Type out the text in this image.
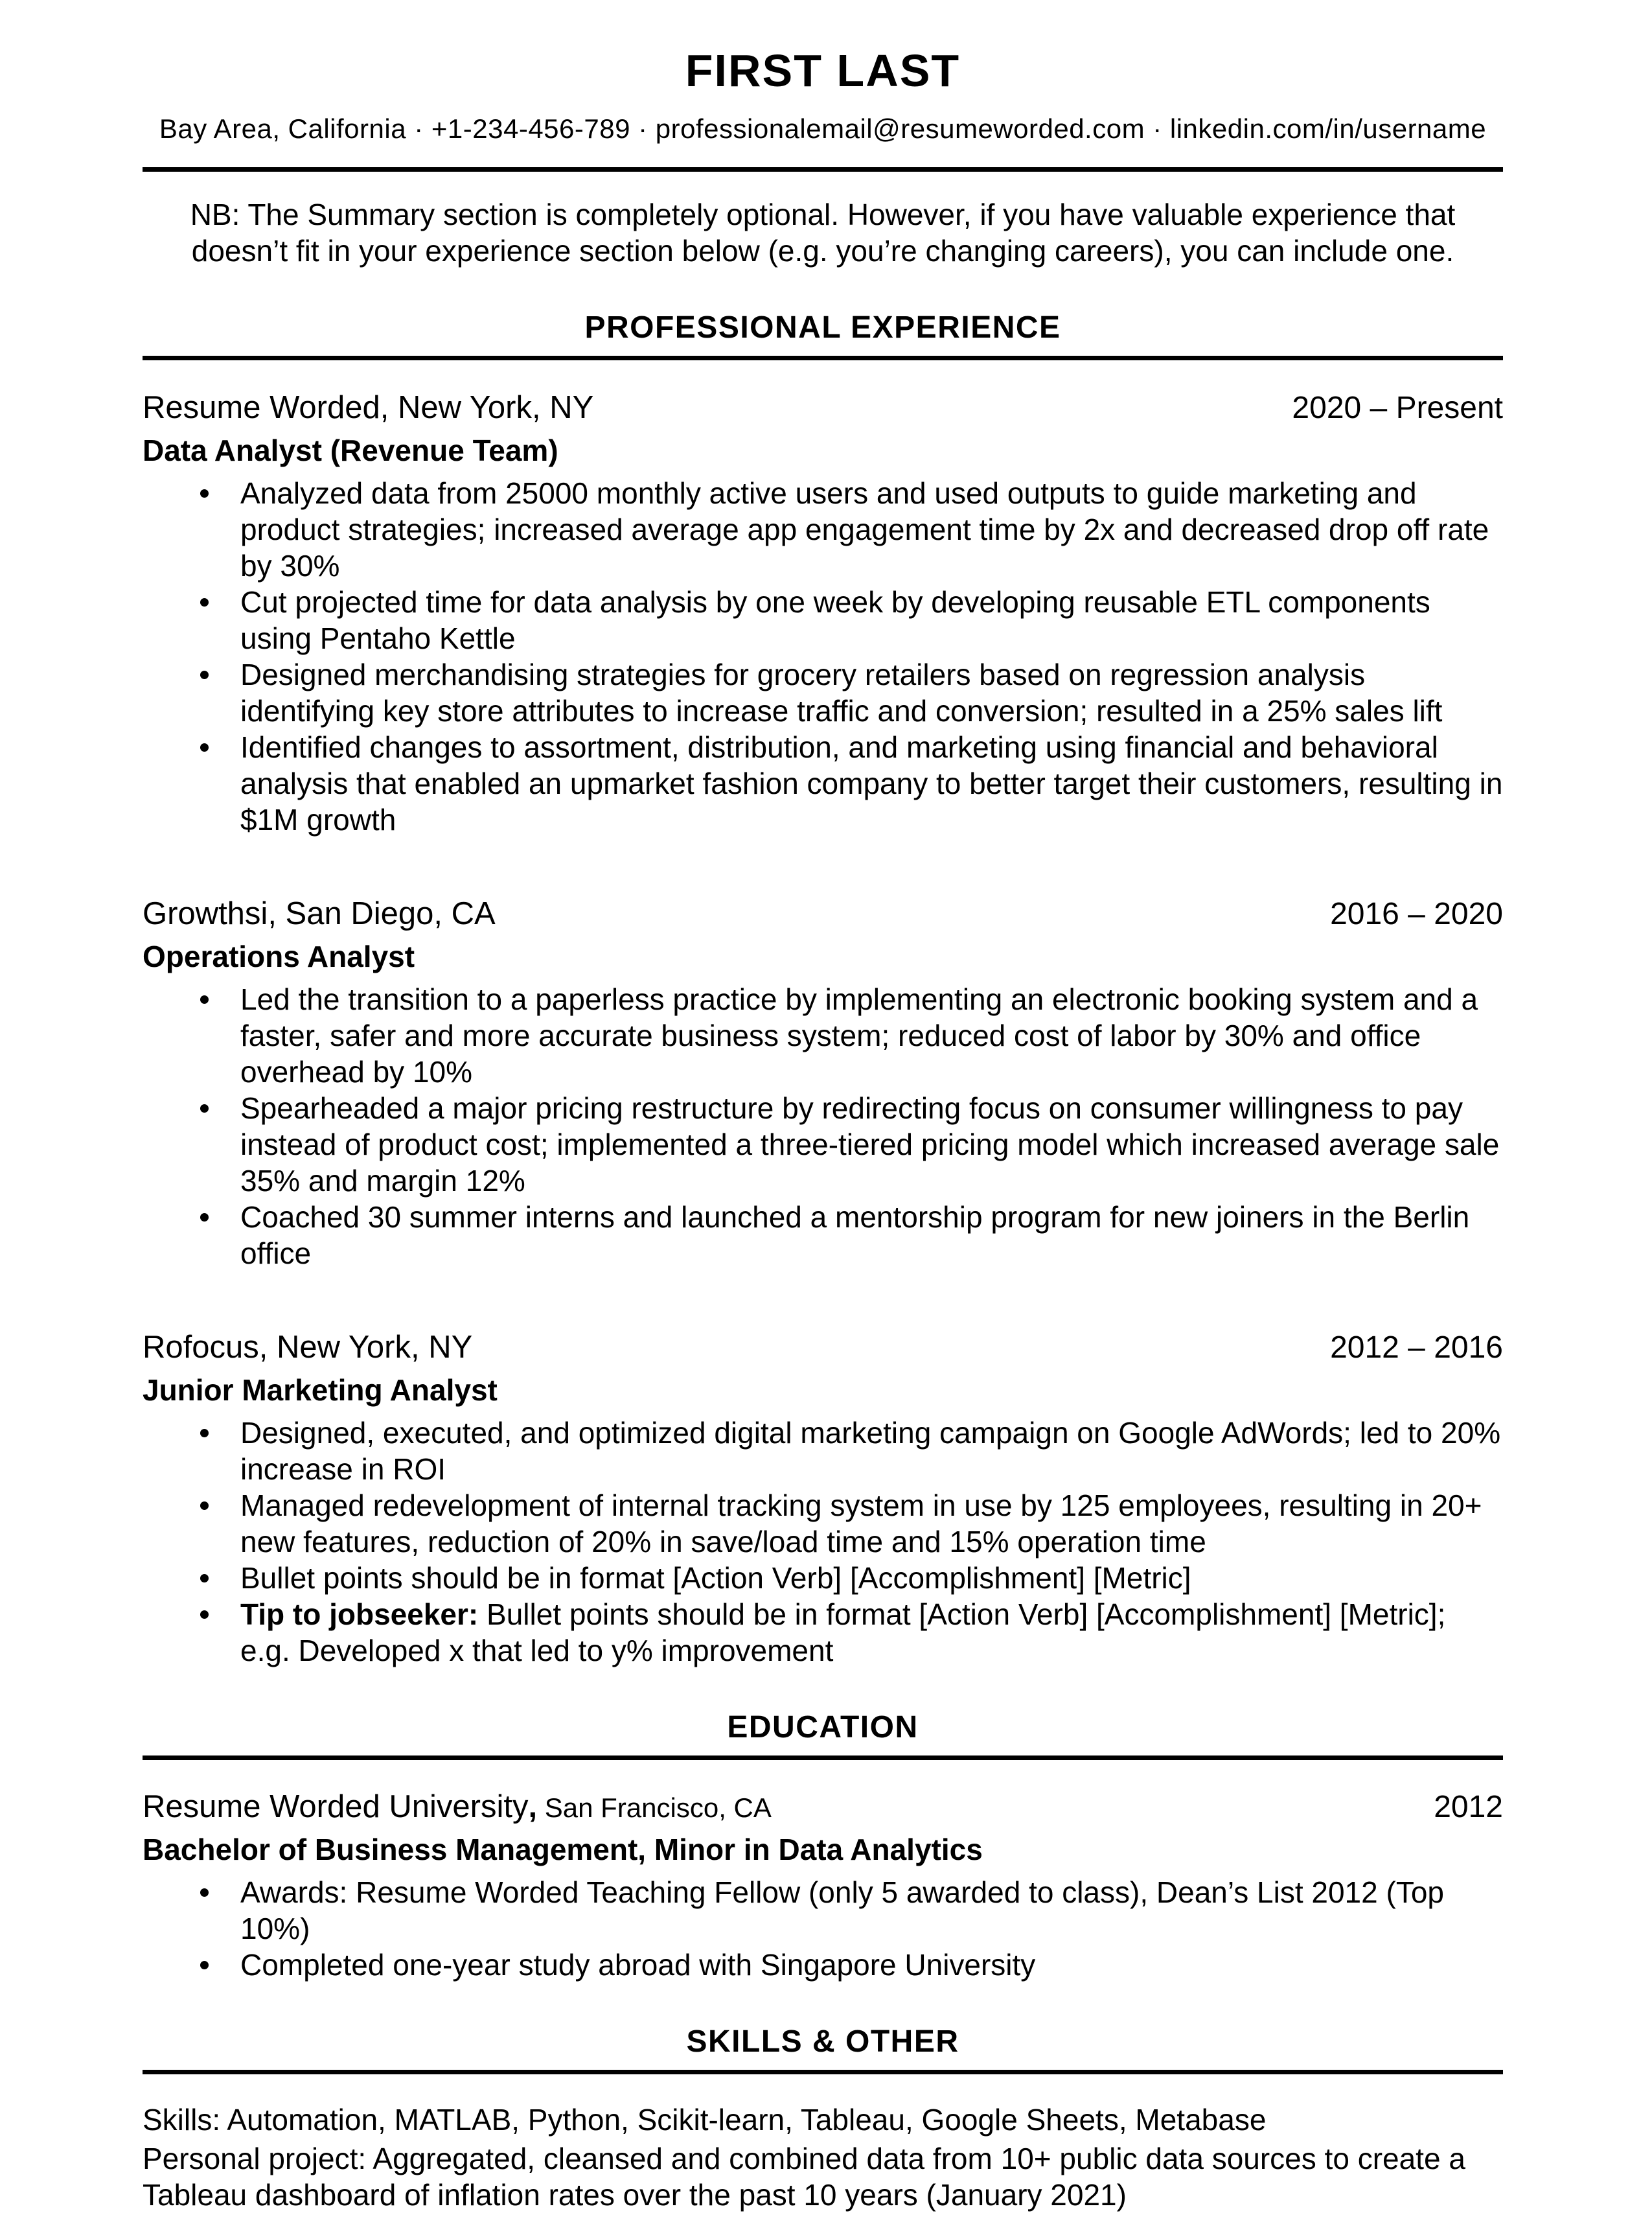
FIRST LAST
Bay Area, California · +1-234-456-789 · professionalemail@resumeworded.com · linkedin.com/in/username

NB: The Summary section is completely optional. However, if you have valuable experience that doesn’t fit in your experience section below (e.g. you’re changing careers), you can include one.

PROFESSIONAL EXPERIENCE
Resume Worded, New York, NY	2020 – Present
Data Analyst (Revenue Team)
Analyzed data from 25000 monthly active users and used outputs to guide marketing and product strategies; increased average app engagement time by 2x and decreased drop off rate by 30%
Cut projected time for data analysis by one week by developing reusable ETL components using Pentaho Kettle
Designed merchandising strategies for grocery retailers based on regression analysis identifying key store attributes to increase traffic and conversion; resulted in a 25% sales lift
Identified changes to assortment, distribution, and marketing using financial and behavioral analysis that enabled an upmarket fashion company to better target their customers, resulting in $1M growth
Growthsi, San Diego, CA	2016 – 2020
Operations Analyst
Led the transition to a paperless practice by implementing an electronic booking system and a faster, safer and more accurate business system; reduced cost of labor by 30% and office overhead by 10%
Spearheaded a major pricing restructure by redirecting focus on consumer willingness to pay instead of product cost; implemented a three-tiered pricing model which increased average sale 35% and margin 12%
Coached 30 summer interns and launched a mentorship program for new joiners in the Berlin office
Rofocus, New York, NY	2012 – 2016
Junior Marketing Analyst
Designed, executed, and optimized digital marketing campaign on Google AdWords; led to 20% increase in ROI
Managed redevelopment of internal tracking system in use by 125 employees, resulting in 20+ new features, reduction of 20% in save/load time and 15% operation time
Bullet points should be in format [Action Verb] [Accomplishment] [Metric]
Tip to jobseeker: Bullet points should be in format [Action Verb] [Accomplishment] [Metric]; e.g. Developed x that led to y% improvement
EDUCATION
Resume Worded University, San Francisco, CA	2012
Bachelor of Business Management, Minor in Data Analytics
Awards: Resume Worded Teaching Fellow (only 5 awarded to class), Dean’s List 2012 (Top 10%)
Completed one-year study abroad with Singapore University
SKILLS & OTHER
Skills: Automation, MATLAB, Python, Scikit-learn, Tableau, Google Sheets, Metabase
Personal project: Aggregated, cleansed and combined data from 10+ public data sources to create a Tableau dashboard of inflation rates over the past 10 years (January 2021)
